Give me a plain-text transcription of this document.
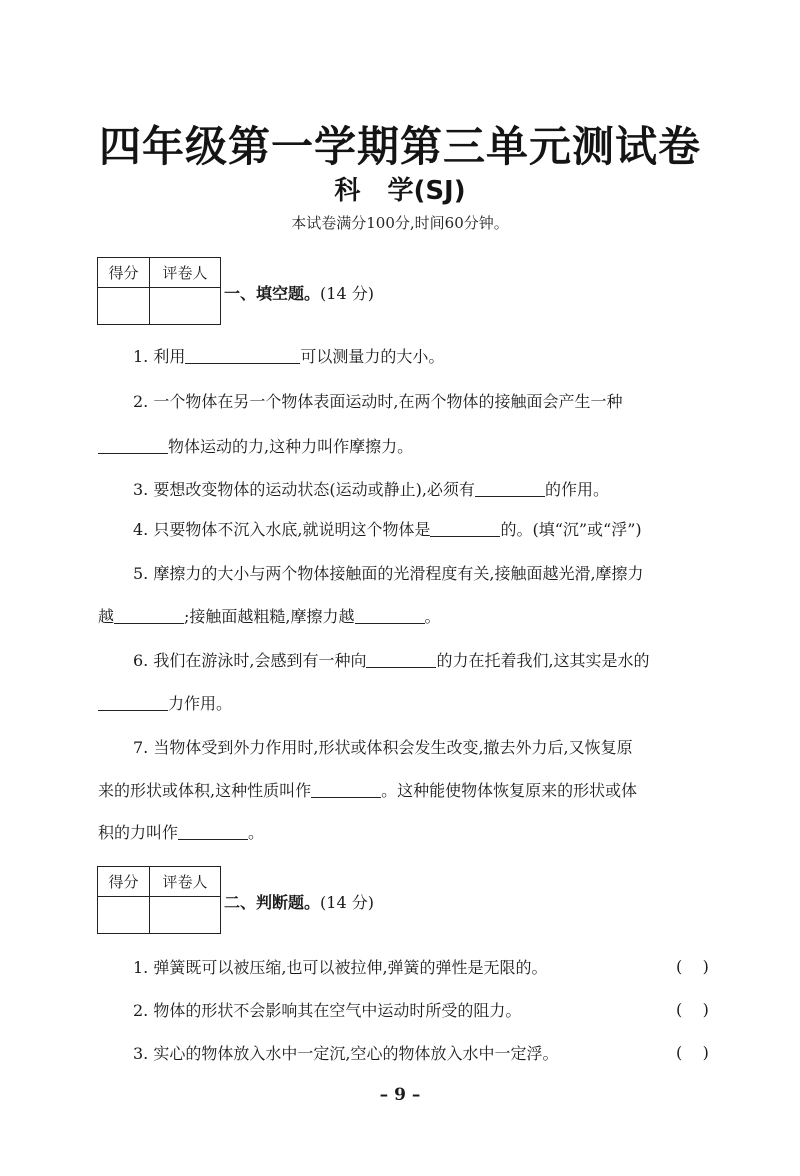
四年级第一学期第三单元测试卷
科 学(SJ)
本试卷满分100分,时间60分钟。
得分	评卷人
一、填空题。(14 分)
1. 利用	可以测量力的大小。
2. 一个物体在另一个物体表面运动时,在两个物体的接触面会产生一种
物体运动的力,这种力叫作摩擦力。
3. 要想改变物体的运动状态(运动或静止),必须有	的作用。
4. 只要物体不沉入水底,就说明这个物体是	的。(填“沉”或“浮”)
5. 摩擦力的大小与两个物体接触面的光滑程度有关,接触面越光滑,摩擦力
越	;接触面越粗糙,摩擦力越	。
6. 我们在游泳时,会感到有一种向	的力在托着我们,这其实是水的
力作用。
7. 当物体受到外力作用时,形状或体积会发生改变,撤去外力后,又恢复原
来的形状或体积,这种性质叫作	。这种能使物体恢复原来的形状或体
积的力叫作	。
得分	评卷人
二、判断题。(14 分)
1. 弹簧既可以被压缩,也可以被拉伸,弹簧的弹性是无限的。	(    )
2. 物体的形状不会影响其在空气中运动时所受的阻力。	(    )
3. 实心的物体放入水中一定沉,空心的物体放入水中一定浮。	(    )
– 9 –
